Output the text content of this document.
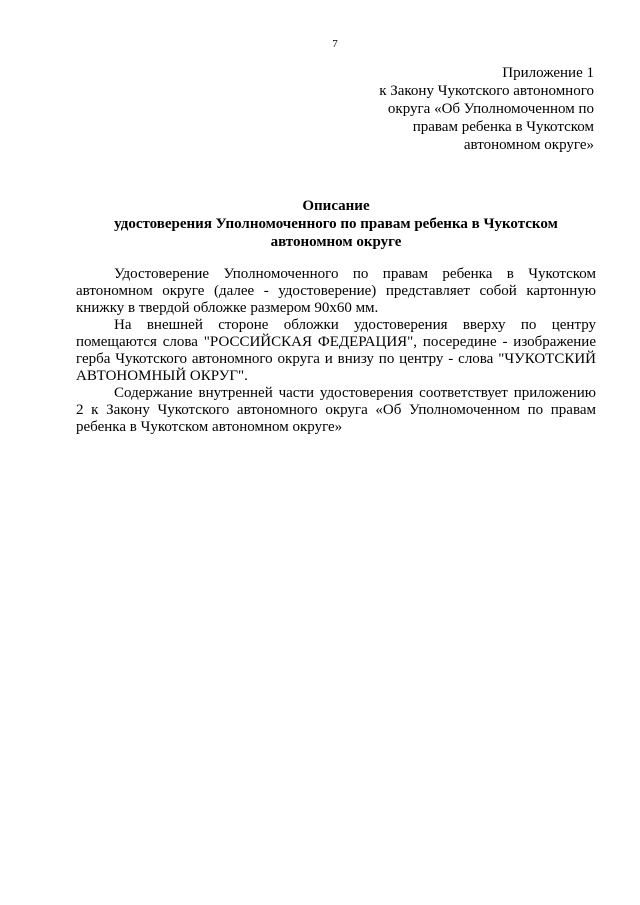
7
Приложение 1
к Закону Чукотского автономного
округа «Об Уполномоченном по
правам ребенка в Чукотском
автономном округе»
Описание
удостоверения Уполномоченного по правам ребенка в Чукотском
автономном округе
Удостоверение Уполномоченного по правам ребенка в Чукотском
автономном округе (далее - удостоверение) представляет собой картонную
книжку в твердой обложке размером 90х60 мм.
На внешней стороне обложки удостоверения вверху по центру
помещаются слова "РОССИЙСКАЯ ФЕДЕРАЦИЯ", посередине - изображение
герба Чукотского автономного округа и внизу по центру - слова "ЧУКОТСКИЙ
АВТОНОМНЫЙ ОКРУГ".
Содержание внутренней части удостоверения соответствует приложению
2 к Закону Чукотского автономного округа «Об Уполномоченном по правам
ребенка в Чукотском автономном округе»
